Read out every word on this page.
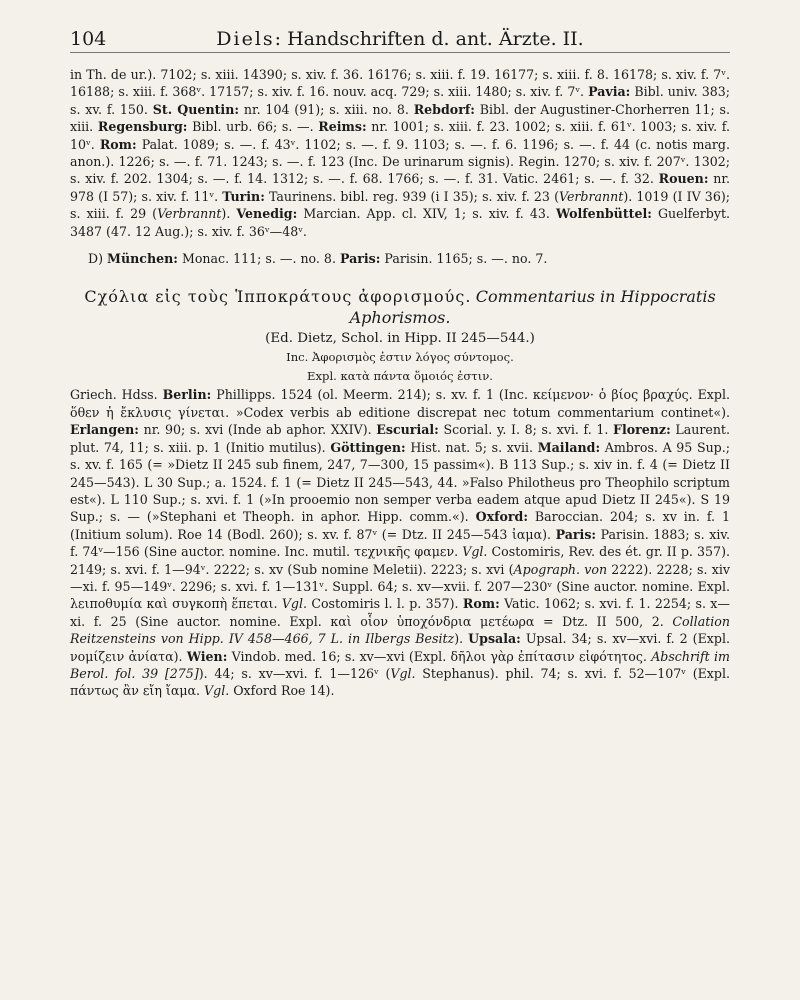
104	Diels: Handschriften d. ant. Ärzte. II.

in Th. de ur.). 7102; s. xiii. 14390; s. xiv. f. 36. 16176; s. xiii. f. 19. 16177; s. xiii. f. 8. 16178; s. xiv. f. 7ᵛ. 16188; s. xiii. f. 368ᵛ. 17157; s. xiv. f. 16. nouv. acq. 729; s. xiii. 1480; s. xiv. f. 7ᵛ. Pavia: Bibl. univ. 383; s. xv. f. 150. St. Quentin: nr. 104 (91); s. xiii. no. 8. Rebdorf: Bibl. der Augustiner-Chorherren 11; s. xiii. Regensburg: Bibl. urb. 66; s. —. Reims: nr. 1001; s. xiii. f. 23. 1002; s. xiii. f. 61ᵛ. 1003; s. xiv. f. 10ᵛ. Rom: Palat. 1089; s. —. f. 43ᵛ. 1102; s. —. f. 9. 1103; s. —. f. 6. 1196; s. —. f. 44 (c. notis marg. anon.). 1226; s. —. f. 71. 1243; s. —. f. 123 (Inc. De urinarum signis). Regin. 1270; s. xiv. f. 207ᵛ. 1302; s. xiv. f. 202. 1304; s. —. f. 14. 1312; s. —. f. 68. 1766; s. —. f. 31. Vatic. 2461; s. —. f. 32. Rouen: nr. 978 (I 57); s. xiv. f. 11ᵛ. Turin: Taurinens. bibl. reg. 939 (i I 35); s. xiv. f. 23 (Verbrannt). 1019 (I IV 36); s. xiii. f. 29 (Verbrannt). Venedig: Marcian. App. cl. XIV, 1; s. xiv. f. 43. Wolfenbüttel: Guelferbyt. 3487 (47. 12 Aug.); s. xiv. f. 36ᵛ—48ᵛ.

D) München: Monac. 111; s. —. no. 8. Paris: Parisin. 1165; s. —. no. 7.

Cχόλια εἰς τοὺς Ἱπποκράτους ἀφορισμούς. Commentarius in Hippocratis Aphorismos.
(Ed. Dietz, Schol. in Hipp. II 245—544.)
Inc. Ἀφορισμὸς ἐστιν λόγος σύντομος.
Expl. κατὰ πάντα ὅμοιός ἐστιν.

Griech. Hdss. Berlin: Phillipps. 1524 (ol. Meerm. 214); s. xv. f. 1 (Inc. κείμενον· ὁ βίος βραχύς. Expl. ὅθεν ἡ ἔκλυσις γίνεται. »Codex verbis ab editione discrepat nec totum commentarium continet«). Erlangen: nr. 90; s. xvi (Inde ab aphor. XXIV). Escurial: Scorial. y. I. 8; s. xvi. f. 1. Florenz: Laurent. plut. 74, 11; s. xiii. p. 1 (Initio mutilus). Göttingen: Hist. nat. 5; s. xvii. Mailand: Ambros. A 95 Sup.; s. xv. f. 165 (= »Dietz II 245 sub finem, 247, 7—300, 15 passim«). B 113 Sup.; s. xiv in. f. 4 (= Dietz II 245—543). L 30 Sup.; a. 1524. f. 1 (= Dietz II 245—543, 44. »Falso Philotheus pro Theophilo scriptum est«). L 110 Sup.; s. xvi. f. 1 (»In prooemio non semper verba eadem atque apud Dietz II 245«). S 19 Sup.; s. — (»Stephani et Theoph. in aphor. Hipp. comm.«). Oxford: Baroccian. 204; s. xv in. f. 1 (Initium solum). Roe 14 (Bodl. 260); s. xv. f. 87ᵛ (= Dtz. II 245—543 ἰαμα). Paris: Parisin. 1883; s. xiv. f. 74ᵛ—156 (Sine auctor. nomine. Inc. mutil. τεχνικῆς φαμεν. Vgl. Costomiris, Rev. des ét. gr. II p. 357). 2149; s. xvi. f. 1—94ᵛ. 2222; s. xv (Sub nomine Meletii). 2223; s. xvi (Apograph. von 2222). 2228; s. xiv—xi. f. 95—149ᵛ. 2296; s. xvi. f. 1—131ᵛ. Suppl. 64; s. xv—xvii. f. 207—230ᵛ (Sine auctor. nomine. Expl. λειποθυμία καὶ συγκοπὴ ἕπεται. Vgl. Costomiris l. l. p. 357). Rom: Vatic. 1062; s. xvi. f. 1. 2254; s. x—xi. f. 25 (Sine auctor. nomine. Expl. καὶ οἷον ὑποχόνδρια μετέωρα = Dtz. II 500, 2. Collation Reitzensteins von Hipp. IV 458—466, 7 L. in Ilbergs Besitz). Upsala: Upsal. 34; s. xv—xvi. f. 2 (Expl. νομίζειν ἀνίατα). Wien: Vindob. med. 16; s. xv—xvi (Expl. δῆλοι γὰρ ἐπίτασιν εἰφότητος. Abschrift im Berol. fol. 39 [275]). 44; s. xv—xvi. f. 1—126ᵛ (Vgl. Stephanus). phil. 74; s. xvi. f. 52—107ᵛ (Expl. πάντως ἂν εἴη ἴαμα. Vgl. Oxford Roe 14).
